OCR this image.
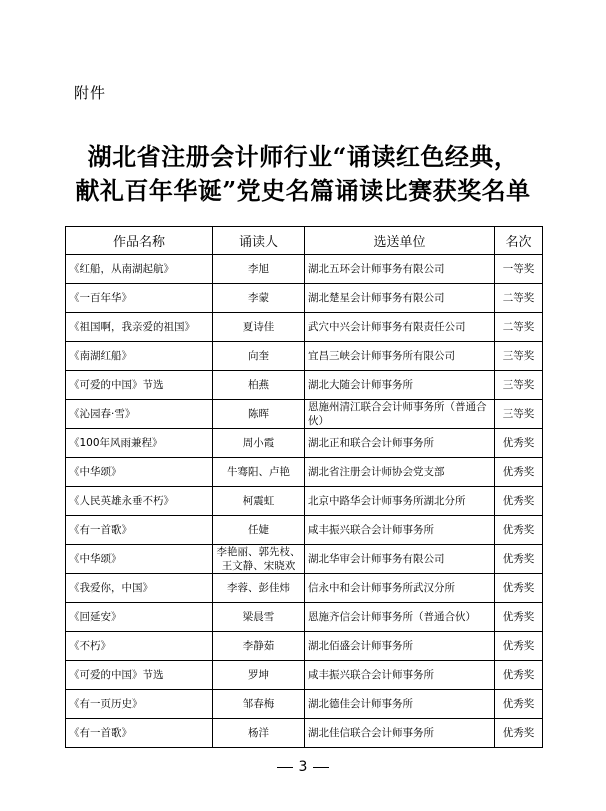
附件
湖北省注册会计师行业“诵读红色经典，
献礼百年华诞”党史名篇诵读比赛获奖名单
作品名称	诵读人	选送单位	名次
《红船，从南湖起航》	李旭	湖北五环会计师事务有限公司	一等奖
《一百年华》	李蒙	湖北楚星会计师事务有限公司	二等奖
《祖国啊，我亲爱的祖国》	夏诗佳	武穴中兴会计师事务有限责任公司	二等奖
《南湖红船》	向奎	宜昌三峡会计师事务所有限公司	三等奖
《可爱的中国》节选	柏燕	湖北大随会计师事务所	三等奖
《沁园春·雪》	陈晖	恩施州清江联合会计师事务所（普通合伙）	三等奖
《100年风雨兼程》	周小霞	湖北正和联合会计师事务所	优秀奖
《中华颂》	牛骞阳、卢艳	湖北省注册会计师协会党支部	优秀奖
《人民英雄永垂不朽》	柯震虹	北京中路华会计师事务所湖北分所	优秀奖
《有一首歌》	任婕	咸丰振兴联合会计师事务所	优秀奖
《中华颂》	李艳丽、郭先枝、王文静、宋晓欢	湖北华审会计师事务有限公司	优秀奖
《我爱你，中国》	李蓉、彭佳炜	信永中和会计师事务所武汉分所	优秀奖
《回延安》	梁晨雪	恩施齐信会计师事务所（普通合伙）	优秀奖
《不朽》	李静茹	湖北佰盛会计师事务所	优秀奖
《可爱的中国》节选	罗坤	咸丰振兴联合会计师事务所	优秀奖
《有一页历史》	邹春梅	湖北德佳会计师事务所	优秀奖
《有一首歌》	杨洋	湖北佳信联合会计师事务所	优秀奖
3
